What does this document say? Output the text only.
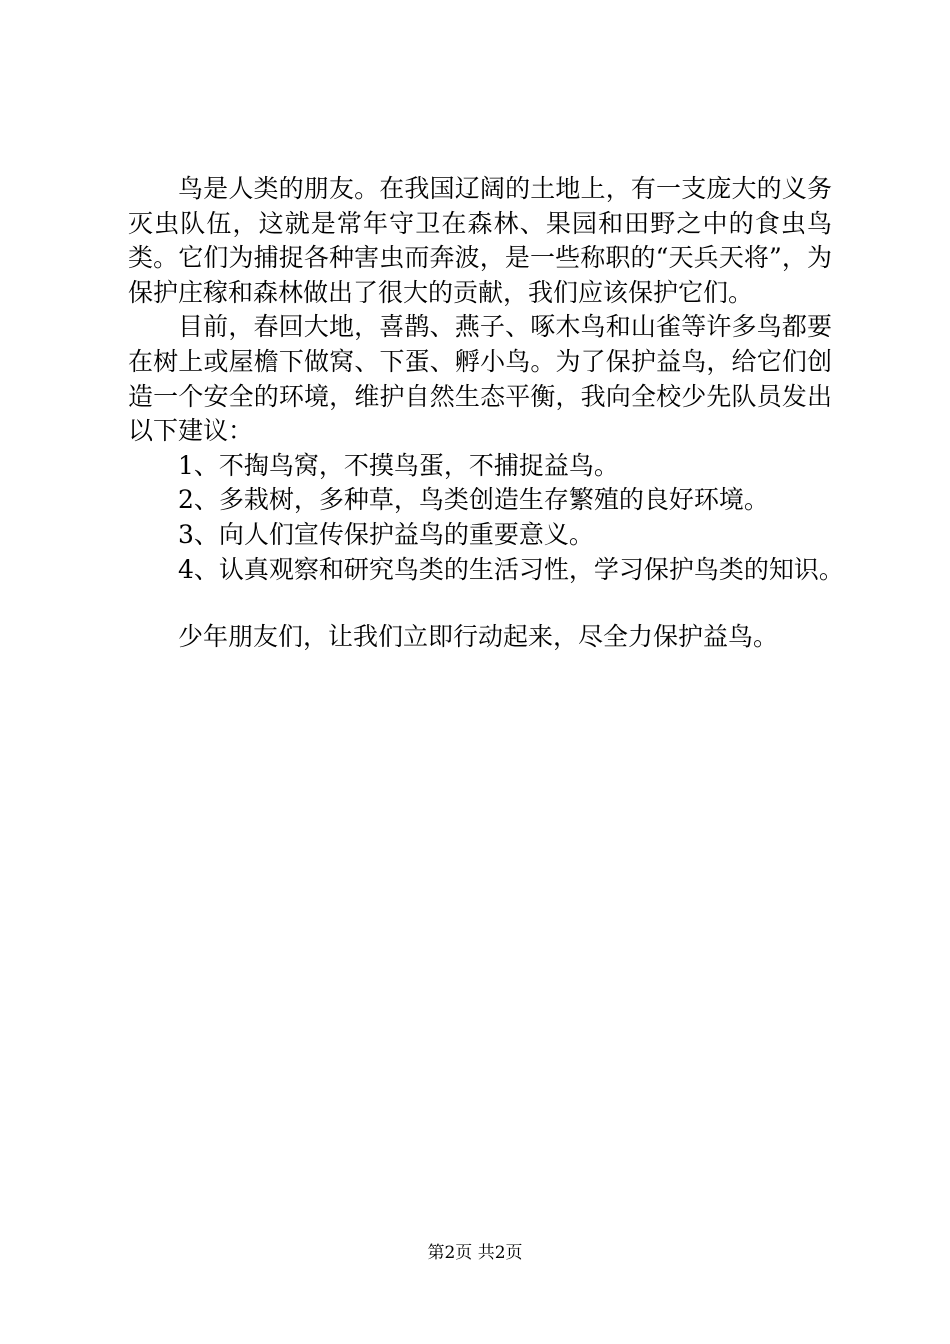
鸟是人类的朋友。在我国辽阔的土地上，有一支庞大的义务灭虫队伍，这就是常年守卫在森林、果园和田野之中的食虫鸟类。它们为捕捉各种害虫而奔波，是一些称职的“天兵天将”，为保护庄稼和森林做出了很大的贡献，我们应该保护它们。

目前，春回大地，喜鹊、燕子、啄木鸟和山雀等许多鸟都要在树上或屋檐下做窝、下蛋、孵小鸟。为了保护益鸟，给它们创造一个安全的环境，维护自然生态平衡，我向全校少先队员发出以下建议：

1、不掏鸟窝，不摸鸟蛋，不捕捉益鸟。

2、多栽树，多种草，鸟类创造生存繁殖的良好环境。

3、向人们宣传保护益鸟的重要意义。

4、认真观察和研究鸟类的生活习性，学习保护鸟类的知识。

少年朋友们，让我们立即行动起来，尽全力保护益鸟。

第2页 共2页
